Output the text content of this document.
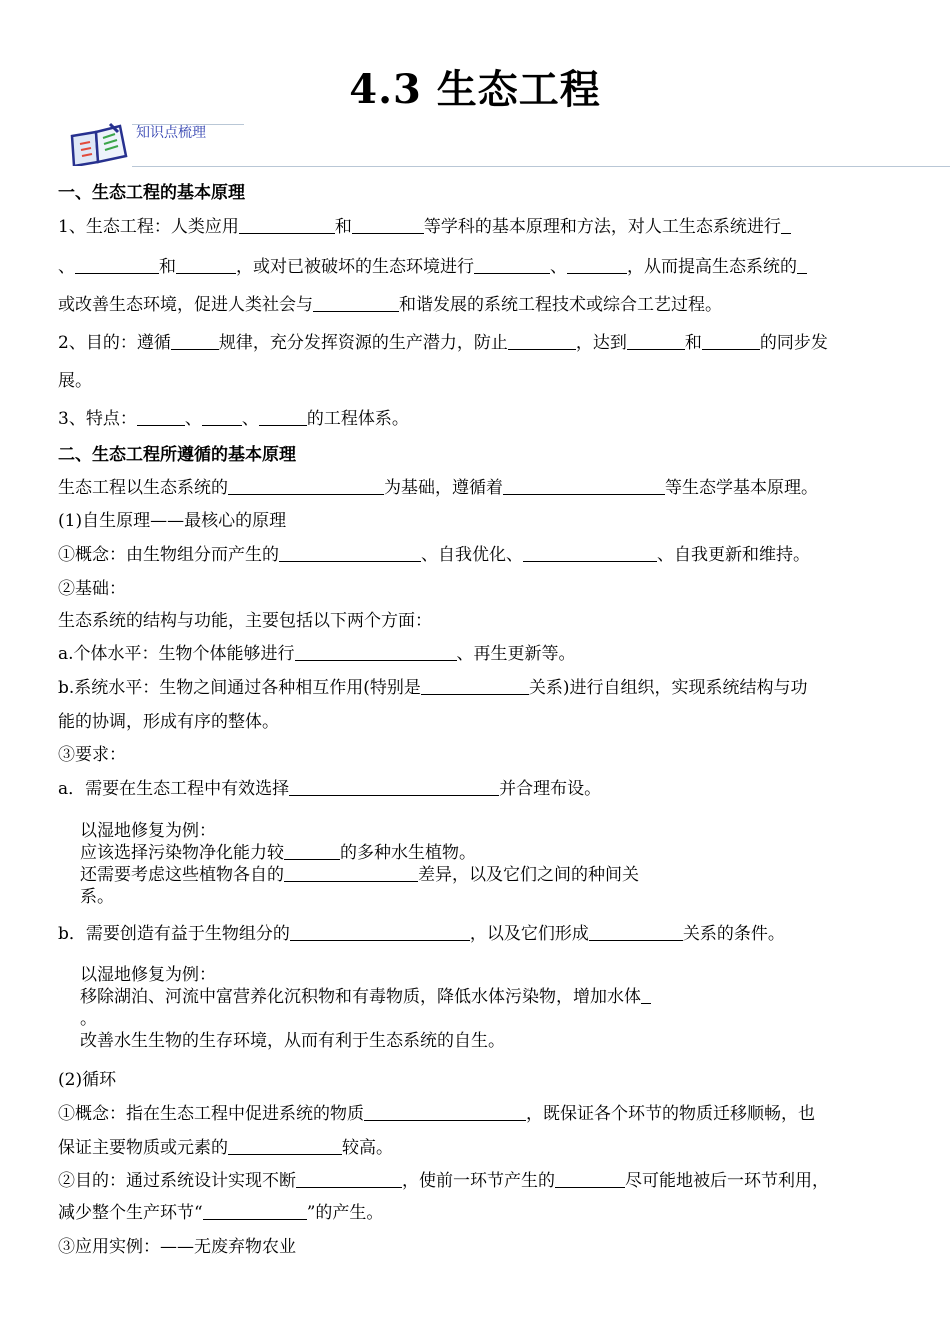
4.3 生态工程
知识点梳理
一、生态工程的基本原理
1、生态工程：人类应用	和	等学科的基本原理和方法，对人工生态系统进行
、	和	，或对已被破坏的生态环境进行	、	，从而提高生态系统的
或改善生态环境，促进人类社会与	和谐发展的系统工程技术或综合工艺过程。
2、目的：遵循	规律，充分发挥资源的生产潜力，防止	，达到	和	的同步发
展。
3、特点：	、 、	的工程体系。
二、生态工程所遵循的基本原理
生态工程以生态系统的	为基础，遵循着	等生态学基本原理。
(1)自生原理——最核心的原理
①概念：由生物组分而产生的	、自我优化、	、自我更新和维持。
②基础：
生态系统的结构与功能，主要包括以下两个方面：
a.个体水平：生物个体能够进行	、再生更新等。
b.系统水平：生物之间通过各种相互作用(特别是	关系)进行自组织，实现系统结构与功
能的协调，形成有序的整体。
③要求：
a．需要在生态工程中有效选择	并合理布设。
以湿地修复为例：
应该选择污染物净化能力较	的多种水生植物。
还需要考虑这些植物各自的	差异，以及它们之间的种间关
系。
b．需要创造有益于生物组分的	，以及它们形成	关系的条件。
以湿地修复为例：
移除湖泊、河流中富营养化沉积物和有毒物质，降低水体污染物，增加水体
。
改善水生生物的生存环境，从而有利于生态系统的自生。
(2)循环
①概念：指在生态工程中促进系统的物质	，既保证各个环节的物质迁移顺畅，也
保证主要物质或元素的	较高。
②目的：通过系统设计实现不断	，使前一环节产生的	尽可能地被后一环节利用，
减少整个生产环节“	”的产生。
③应用实例：——无废弃物农业
